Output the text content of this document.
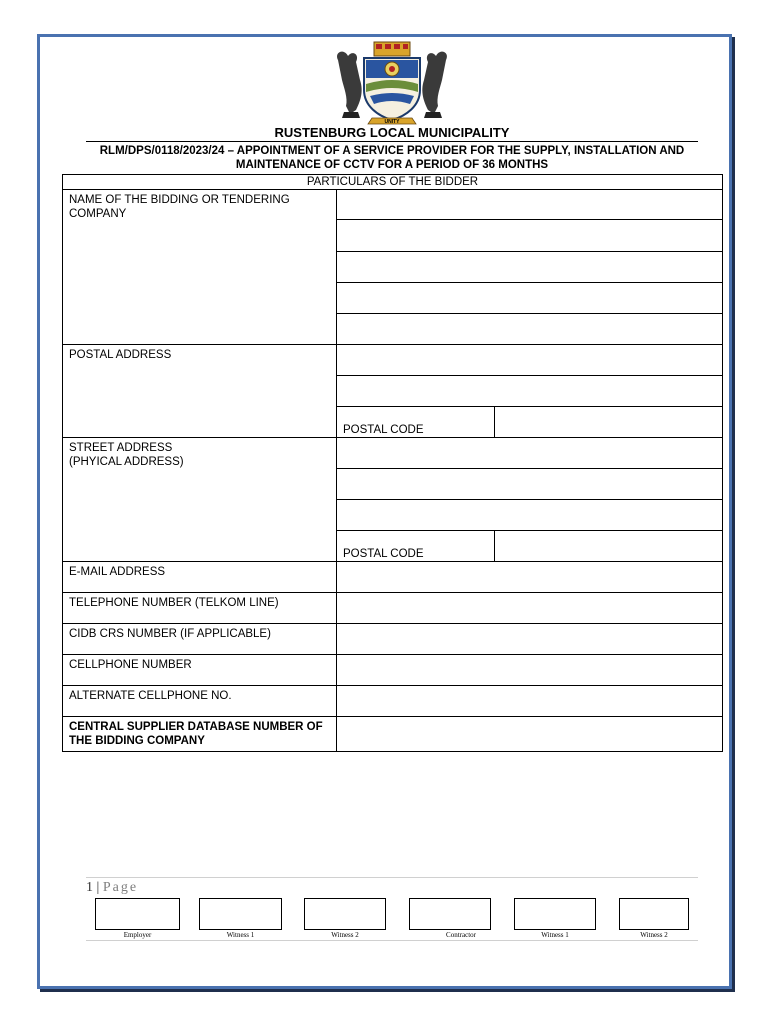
UNITY
RUSTENBURG LOCAL MUNICIPALITY
RLM/DPS/0118/2023/24 – APPOINTMENT OF A SERVICE PROVIDER FOR THE SUPPLY, INSTALLATION AND
MAINTENANCE OF CCTV FOR A PERIOD OF 36 MONTHS
PARTICULARS OF THE BIDDER		
NAME OF THE BIDDING OR TENDERING COMPANY		

POSTAL ADDRESS		

	POSTAL CODE	

STREET ADDRESS
(PHYICAL ADDRESS)		

	POSTAL CODE	
E-MAIL ADDRESS		
TELEPHONE NUMBER (TELKOM LINE)		
CIDB CRS NUMBER (IF APPLICABLE)		
CELLPHONE NUMBER		
ALTERNATE CELLPHONE NO.		
CENTRAL SUPPLIER DATABASE NUMBER OF THE BIDDING COMPANY		
1 | Page
Employer	Witness 1	Witness 2	Contractor	Witness 1	Witness 2
